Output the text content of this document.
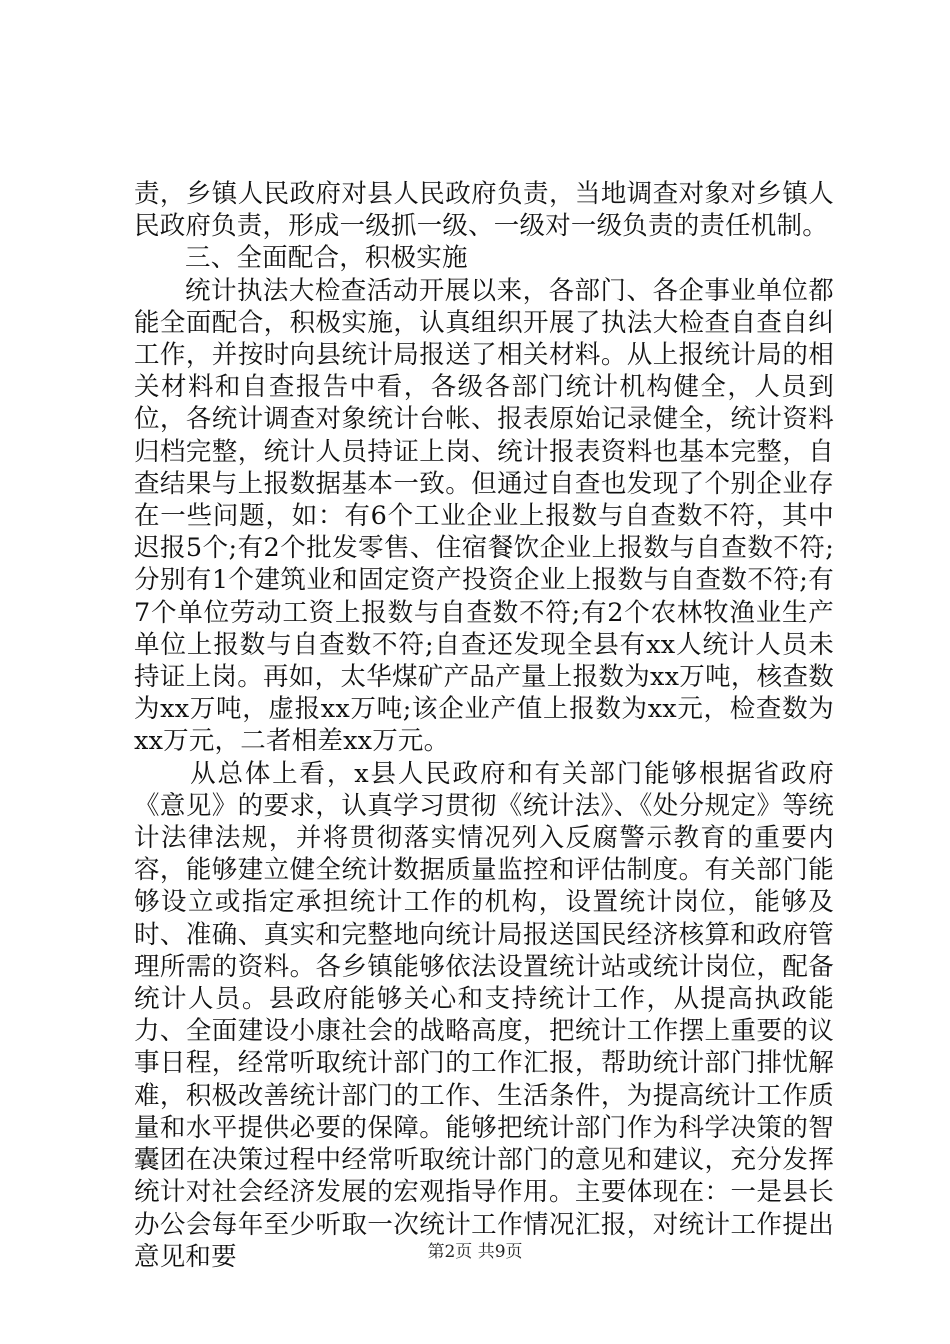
责，乡镇人民政府对县人民政府负责，当地调查对象对乡镇人民政府负责，形成一级抓一级、一级对一级负责的责任机制。

三、全面配合，积极实施

统计执法大检查活动开展以来，各部门、各企事业单位都能全面配合，积极实施，认真组织开展了执法大检查自查自纠工作，并按时向县统计局报送了相关材料。从上报统计局的相关材料和自查报告中看，各级各部门统计机构健全，人员到位，各统计调查对象统计台帐、报表原始记录健全，统计资料归档完整，统计人员持证上岗、统计报表资料也基本完整，自查结果与上报数据基本一致。但通过自查也发现了个别企业存在一些问题，如：有6个工业企业上报数与自查数不符，其中迟报5个;有2个批发零售、住宿餐饮企业上报数与自查数不符;分别有1个建筑业和固定资产投资企业上报数与自查数不符;有7个单位劳动工资上报数与自查数不符;有2个农林牧渔业生产单位上报数与自查数不符;自查还发现全县有xx人统计人员未持证上岗。再如，太华煤矿产品产量上报数为xx万吨，核查数为xx万吨，虚报xx万吨;该企业产值上报数为xx元，检查数为xx万元，二者相差xx万元。

从总体上看，x县人民政府和有关部门能够根据省政府《意见》的要求，认真学习贯彻《统计法》、《处分规定》等统计法律法规，并将贯彻落实情况列入反腐警示教育的重要内容，能够建立健全统计数据质量监控和评估制度。有关部门能够设立或指定承担统计工作的机构，设置统计岗位，能够及时、准确、真实和完整地向统计局报送国民经济核算和政府管理所需的资料。各乡镇能够依法设置统计站或统计岗位，配备统计人员。县政府能够关心和支持统计工作，从提高执政能力、全面建设小康社会的战略高度，把统计工作摆上重要的议事日程，经常听取统计部门的工作汇报，帮助统计部门排忧解难，积极改善统计部门的工作、生活条件，为提高统计工作质量和水平提供必要的保障。能够把统计部门作为科学决策的智囊团在决策过程中经常听取统计部门的意见和建议，充分发挥统计对社会经济发展的宏观指导作用。主要体现在：一是县长办公会每年至少听取一次统计工作情况汇报，对统计工作提出意见和要	第2页 共9页
